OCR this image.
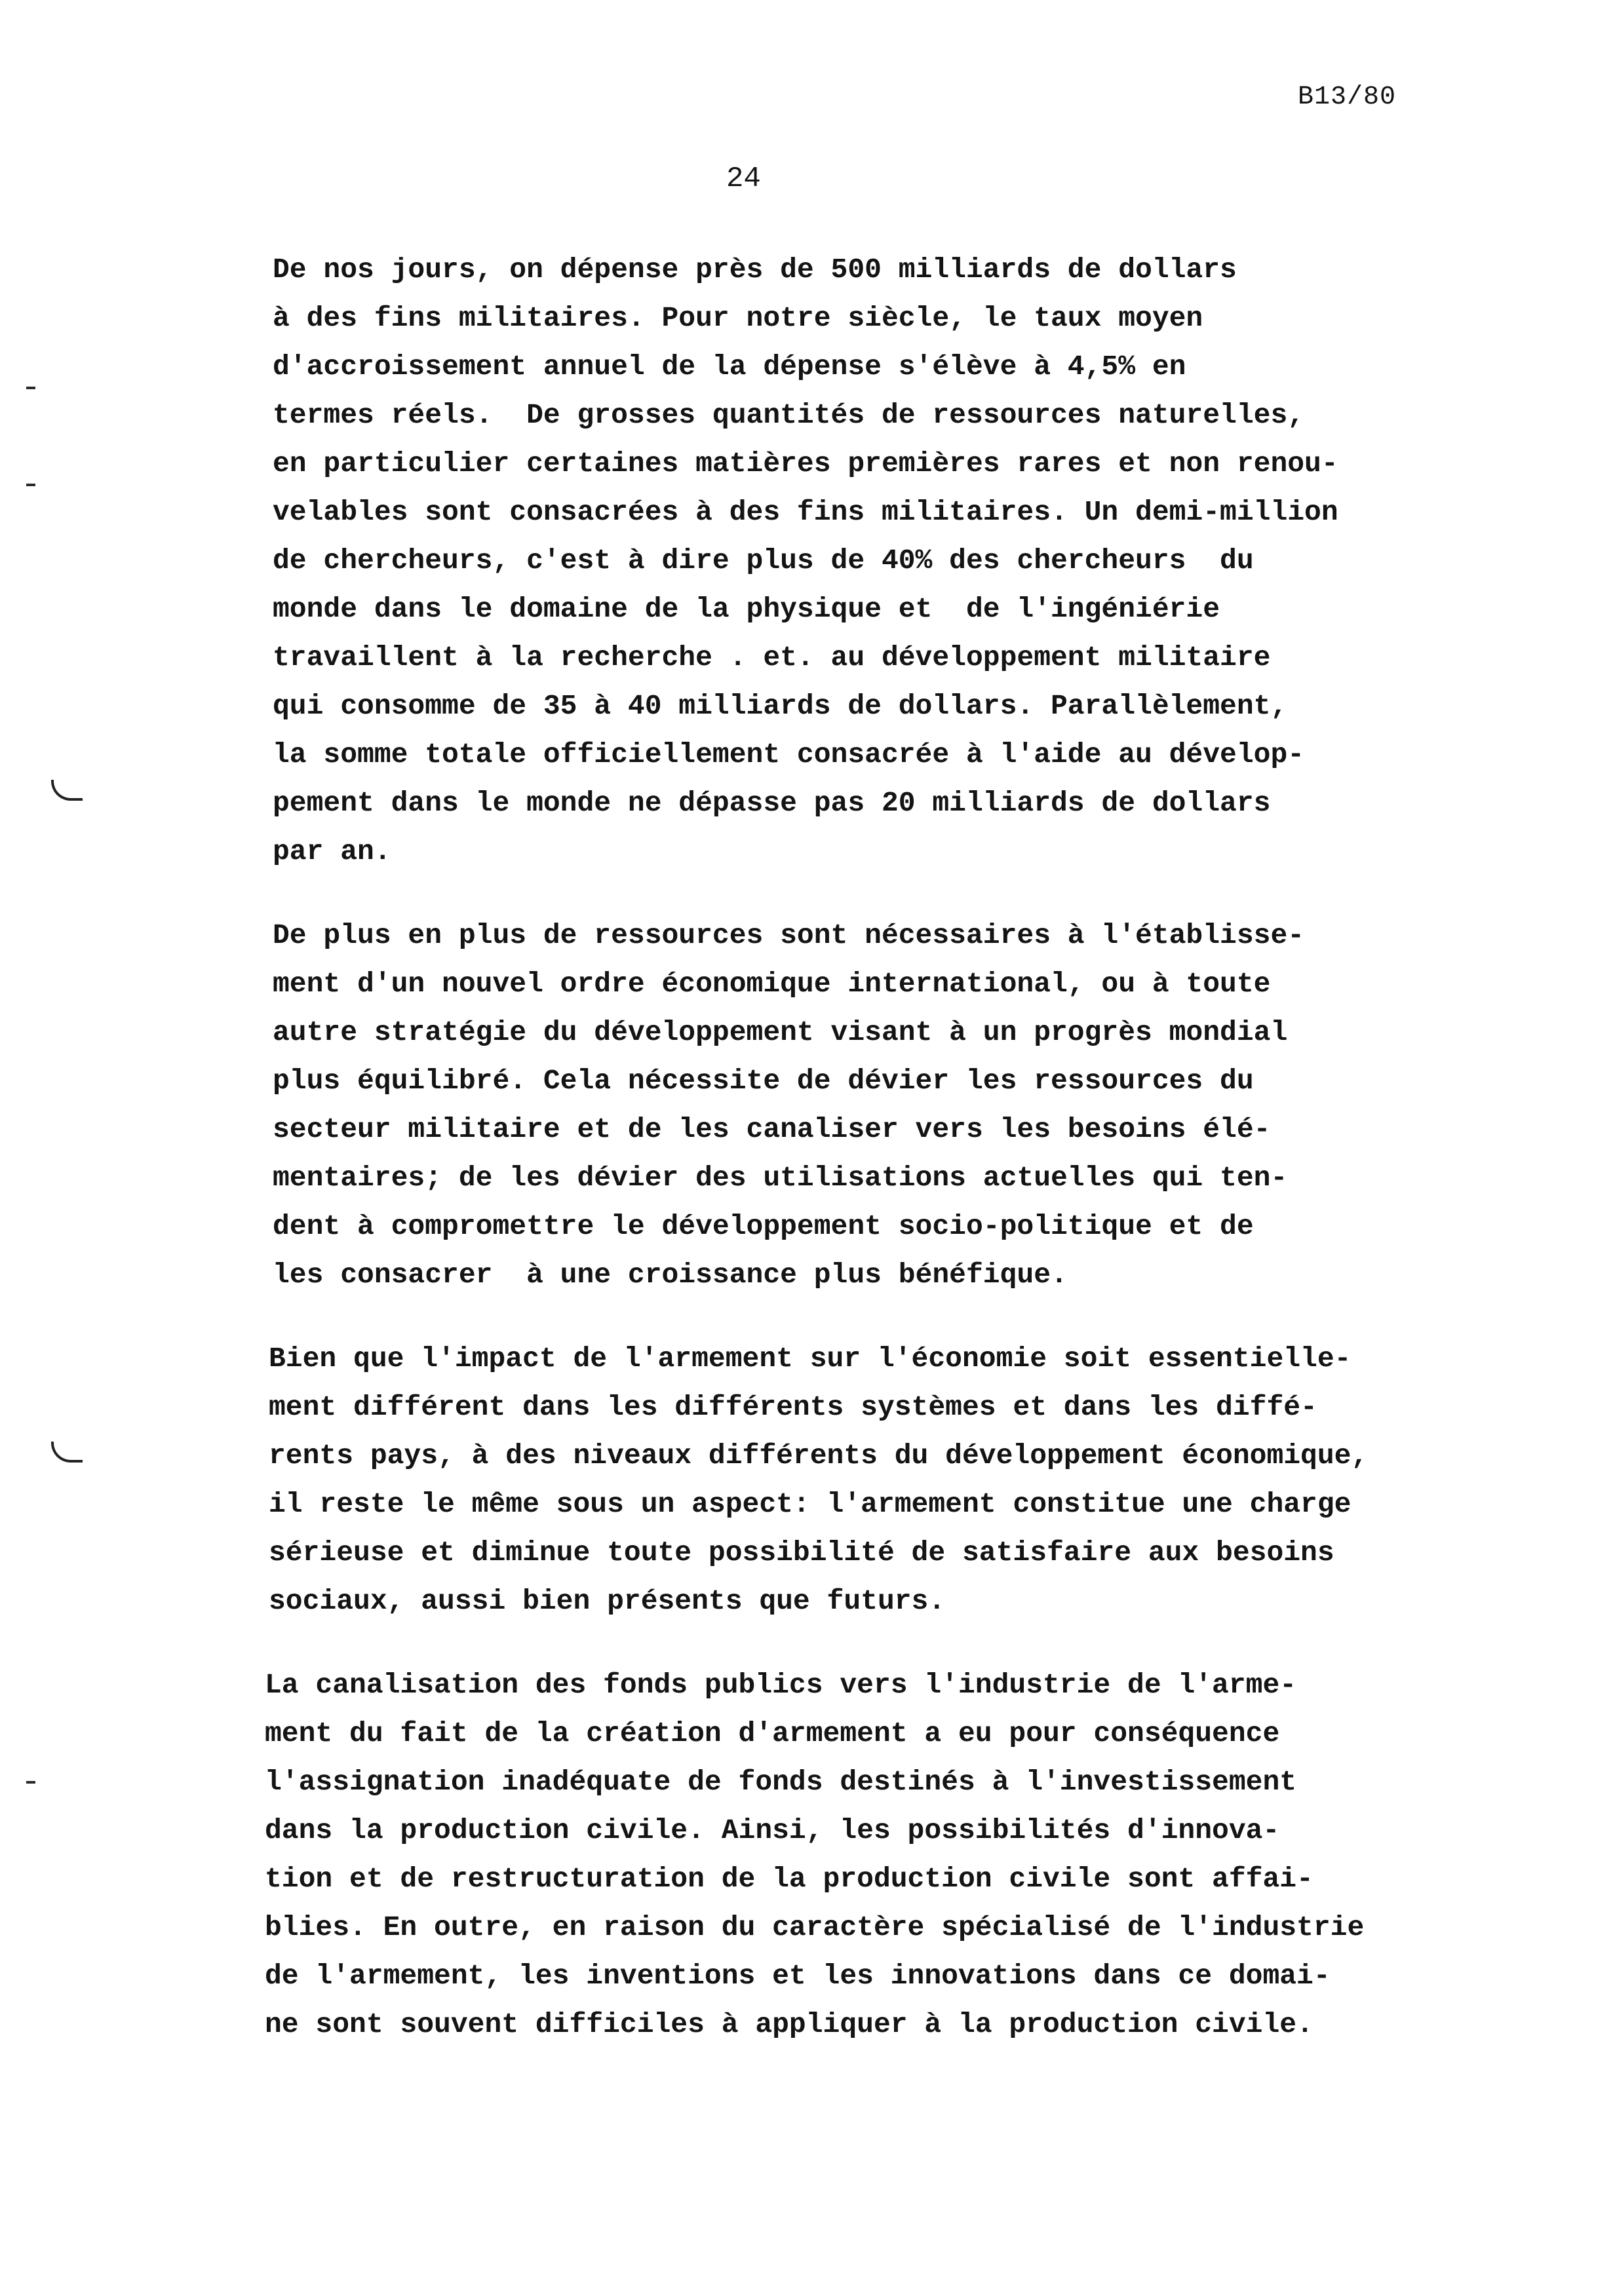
B13/80
24
De nos jours, on dépense près de 500 milliards de dollars
à des fins militaires. Pour notre siècle, le taux moyen
d'accroissement annuel de la dépense s'élève à 4,5% en
termes réels.  De grosses quantités de ressources naturelles,
en particulier certaines matières premières rares et non renou-
velables sont consacrées à des fins militaires. Un demi-million
de chercheurs, c'est à dire plus de 40% des chercheurs  du
monde dans le domaine de la physique et  de l'ingéniérie
travaillent à la recherche . et. au développement militaire
qui consomme de 35 à 40 milliards de dollars. Parallèlement,
la somme totale officiellement consacrée à l'aide au dévelop-
pement dans le monde ne dépasse pas 20 milliards de dollars
par an.
De plus en plus de ressources sont nécessaires à l'établisse-
ment d'un nouvel ordre économique international, ou à toute
autre stratégie du développement visant à un progrès mondial
plus équilibré. Cela nécessite de dévier les ressources du
secteur militaire et de les canaliser vers les besoins élé-
mentaires; de les dévier des utilisations actuelles qui ten-
dent à compromettre le développement socio-politique et de
les consacrer  à une croissance plus bénéfique.
Bien que l'impact de l'armement sur l'économie soit essentielle-
ment différent dans les différents systèmes et dans les diffé-
rents pays, à des niveaux différents du développement économique,
il reste le même sous un aspect: l'armement constitue une charge
sérieuse et diminue toute possibilité de satisfaire aux besoins
sociaux, aussi bien présents que futurs.
La canalisation des fonds publics vers l'industrie de l'arme-
ment du fait de la création d'armement a eu pour conséquence
l'assignation inadéquate de fonds destinés à l'investissement
dans la production civile. Ainsi, les possibilités d'innova-
tion et de restructuration de la production civile sont affai-
blies. En outre, en raison du caractère spécialisé de l'industrie
de l'armement, les inventions et les innovations dans ce domai-
ne sont souvent difficiles à appliquer à la production civile.
